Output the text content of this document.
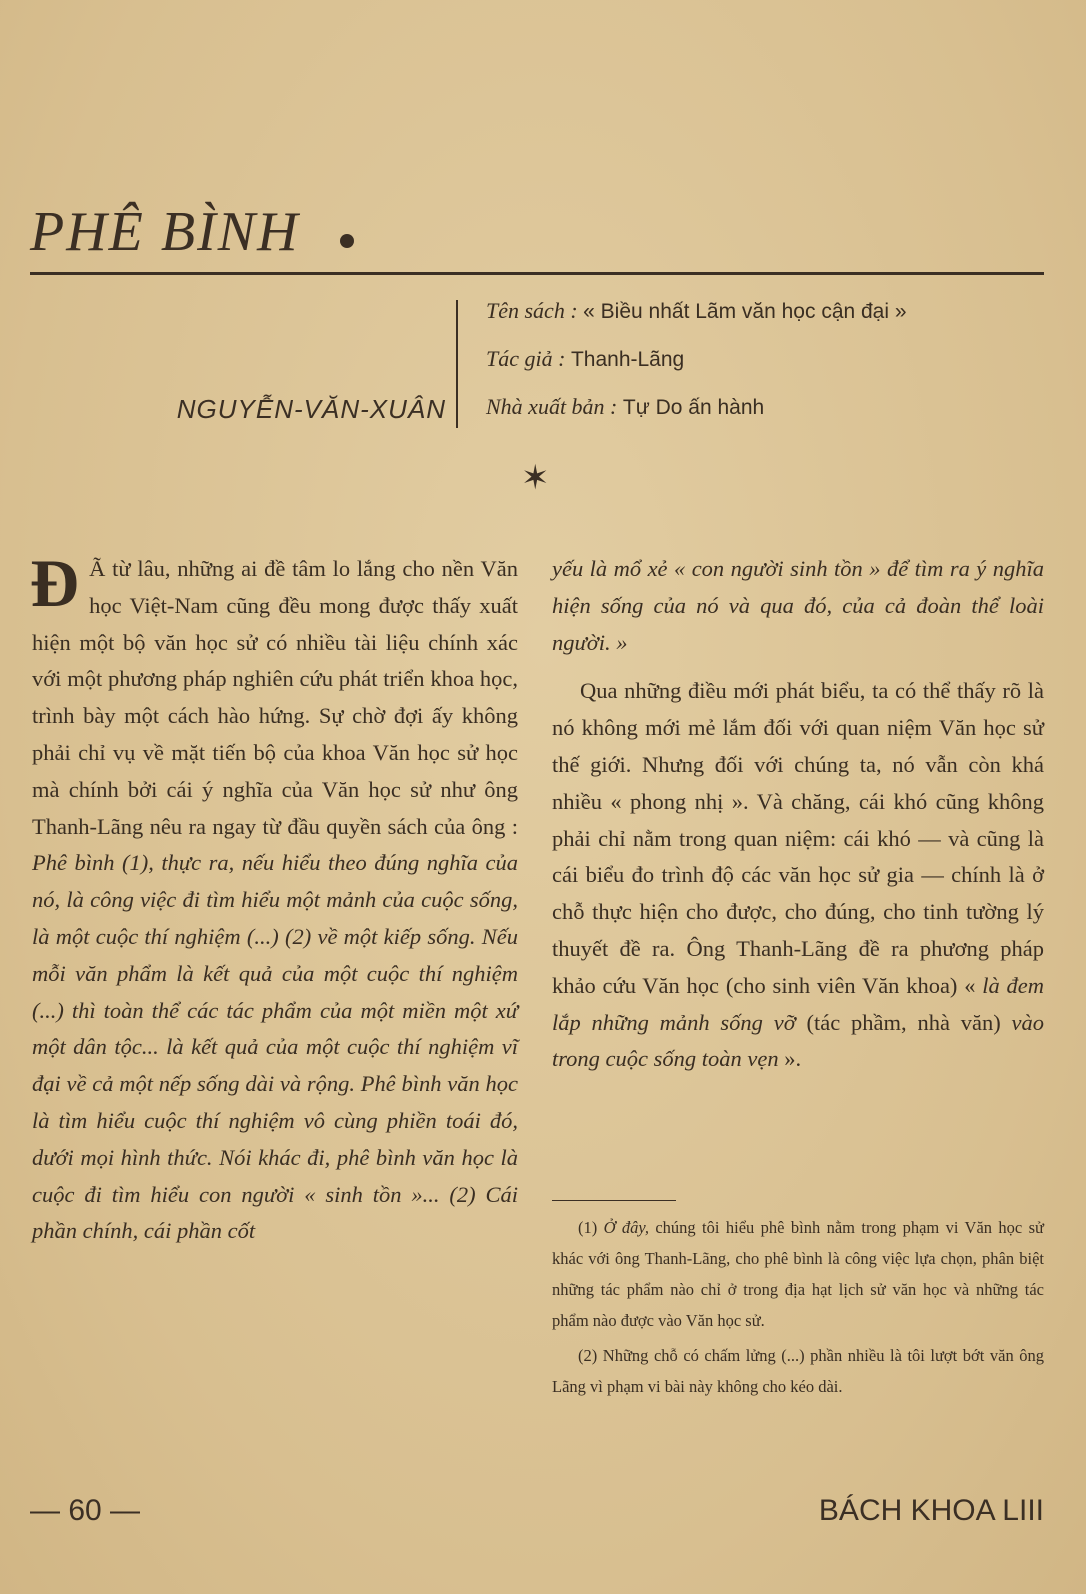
PHÊ BÌNH
NGUYỄN-VĂN-XUÂN
Tên sách : « Biều nhất Lãm văn học cận đại »
Tác giả : Thanh-Lãng
Nhà xuất bản : Tự Do ấn hành
✶

Đ Ã từ lâu, những ai đề tâm lo lắng cho nền Văn học Việt-Nam cũng đều mong được thấy xuất hiện một bộ văn học sử có nhiều tài liệu chính xác với một phương pháp nghiên cứu phát triển khoa học, trình bày một cách hào hứng. Sự chờ đợi ấy không phải chỉ vụ về mặt tiến bộ của khoa Văn học sử học mà chính bởi cái ý nghĩa của Văn học sử như ông Thanh-Lãng nêu ra ngay từ đầu quyền sách của ông : Phê bình (1), thực ra, nếu hiểu theo đúng nghĩa của nó, là công việc đi tìm hiểu một mảnh của cuộc sống, là một cuộc thí nghiệm (...) (2) về một kiếp sống. Nếu mỗi văn phẩm là kết quả của một cuộc thí nghiệm (...) thì toàn thể các tác phẩm của một miền một xứ một dân tộc... là kết quả của một cuộc thí nghiệm vĩ đại về cả một nếp sống dài và rộng. Phê bình văn học là tìm hiểu cuộc thí nghiệm vô cùng phiền toái đó, dưới mọi hình thức. Nói khác đi, phê bình văn học là cuộc đi tìm hiểu con người « sinh tồn »... (2) Cái phần chính, cái phần cốt

yếu là mổ xẻ « con người sinh tồn » để tìm ra ý nghĩa hiện sống của nó và qua đó, của cả đoàn thể loài người. »

Qua những điều mới phát biểu, ta có thể thấy rõ là nó không mới mẻ lắm đối với quan niệm Văn học sử thế giới. Nhưng đối với chúng ta, nó vẫn còn khá nhiều « phong nhị ». Và chăng, cái khó cũng không phải chỉ nằm trong quan niệm: cái khó — và cũng là cái biểu đo trình độ các văn học sử gia — chính là ở chỗ thực hiện cho được, cho đúng, cho tinh tường lý thuyết đề ra. Ông Thanh-Lãng đề ra phương pháp khảo cứu Văn học (cho sinh viên Văn khoa) « là đem lắp những mảnh sống vỡ (tác phầm, nhà văn) vào trong cuộc sống toàn vẹn ».

(1) Ở đây, chúng tôi hiểu phê bình nằm trong phạm vi Văn học sử khác với ông Thanh-Lãng, cho phê bình là công việc lựa chọn, phân biệt những tác phẩm nào chỉ ở trong địa hạt lịch sử văn học và những tác phẩm nào được vào Văn học sử.

(2) Những chỗ có chấm lửng (...) phần nhiều là tôi lượt bớt văn ông Lãng vì phạm vi bài này không cho kéo dài.

— 60 —	BÁCH KHOA LIII
